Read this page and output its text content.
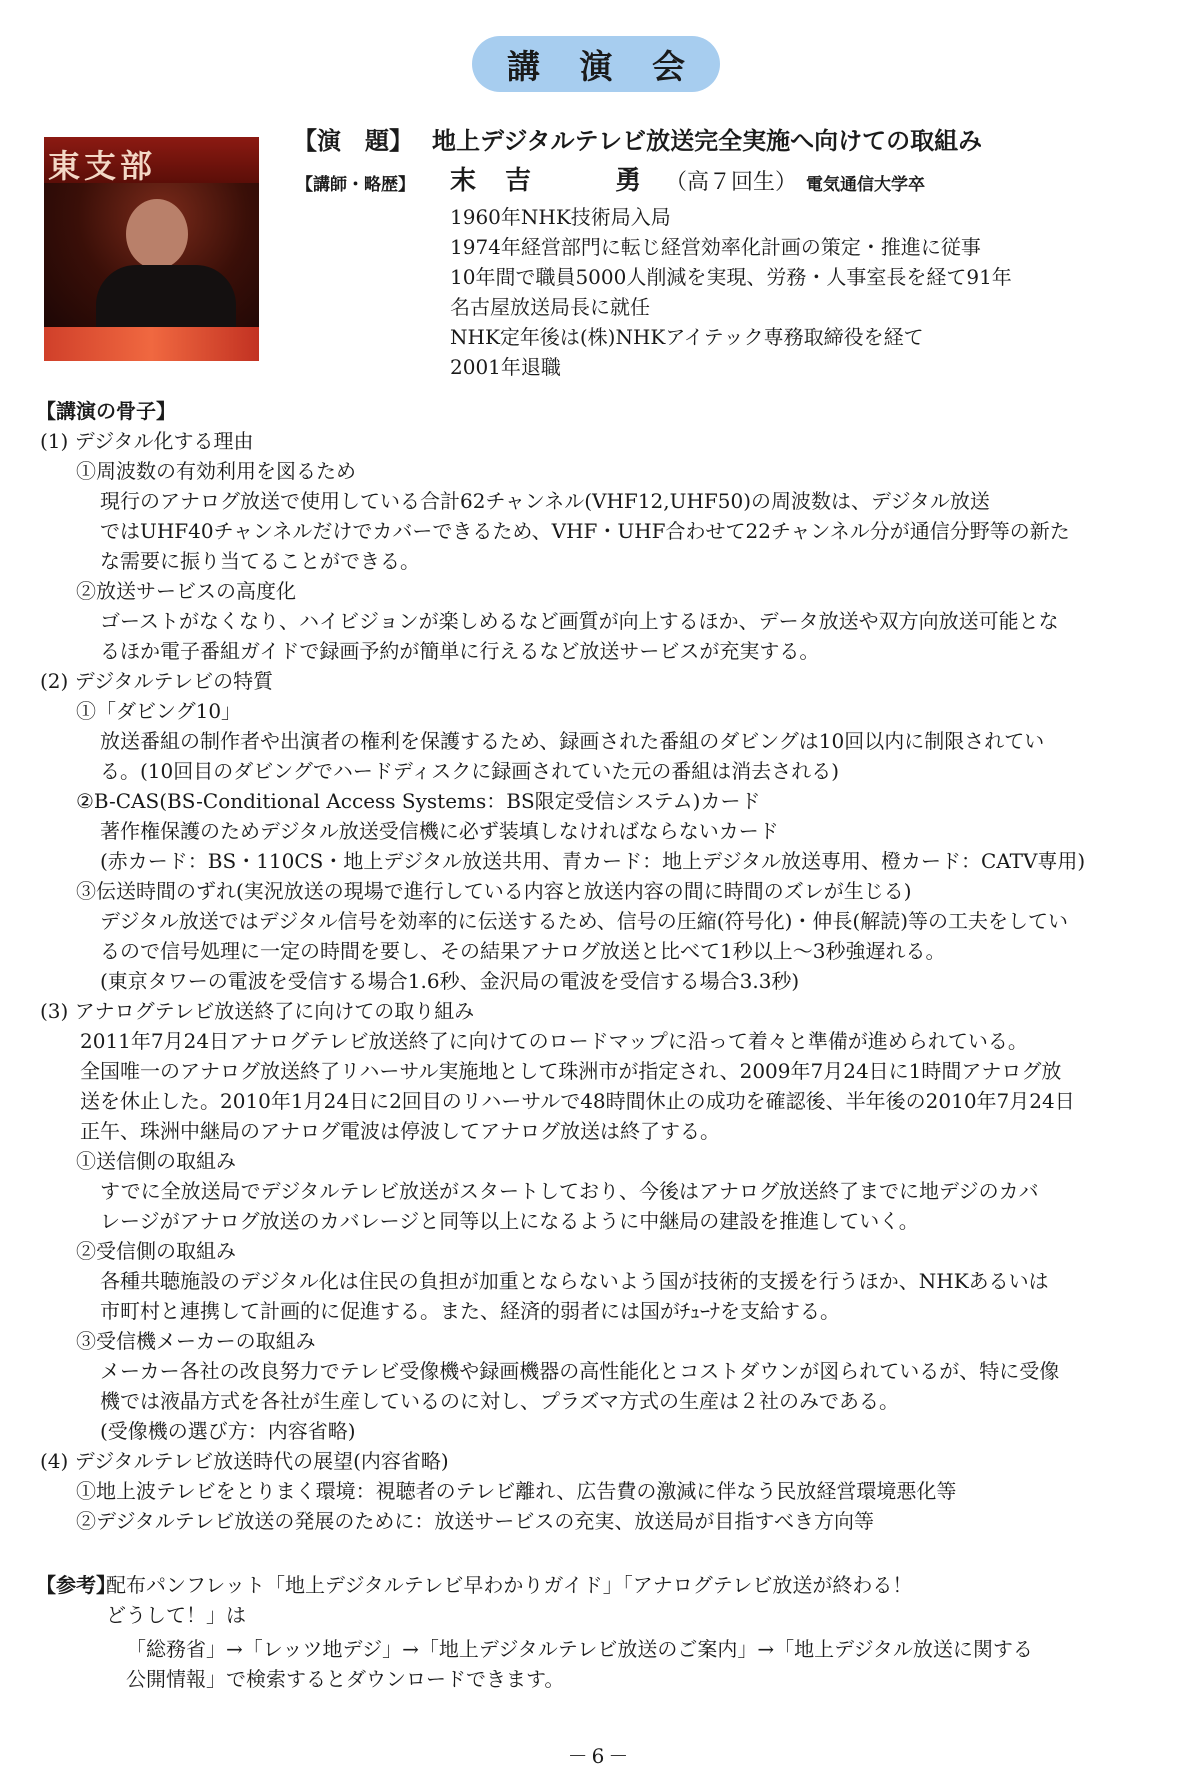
講 演 会
東支部
【演　題】 地上デジタルテレビ放送完全実施へ向けての取組み
【講師・略歴】 末 吉 　 勇 （高７回生） 電気通信大学卒
1960年NHK技術局入局
1974年経営部門に転じ経営効率化計画の策定・推進に従事
10年間で職員5000人削減を実現、労務・人事室長を経て91年
名古屋放送局長に就任
NHK定年後は(株)NHKアイテック専務取締役を経て
2001年退職
【講演の骨子】
(1) デジタル化する理由
①周波数の有効利用を図るため
現行のアナログ放送で使用している合計62チャンネル(VHF12,UHF50)の周波数は、デジタル放送
ではUHF40チャンネルだけでカバーできるため、VHF・UHF合わせて22チャンネル分が通信分野等の新た
な需要に振り当てることができる。
②放送サービスの高度化
ゴーストがなくなり、ハイビジョンが楽しめるなど画質が向上するほか、データ放送や双方向放送可能とな
るほか電子番組ガイドで録画予約が簡単に行えるなど放送サービスが充実する。
(2) デジタルテレビの特質
①「ダビング10」
放送番組の制作者や出演者の権利を保護するため、録画された番組のダビングは10回以内に制限されてい
る。(10回目のダビングでハードディスクに録画されていた元の番組は消去される)
②B-CAS(BS-Conditional Access Systems：BS限定受信システム)カード
著作権保護のためデジタル放送受信機に必ず装填しなければならないカード
(赤カード：BS・110CS・地上デジタル放送共用、青カード：地上デジタル放送専用、橙カード：CATV専用)
③伝送時間のずれ(実況放送の現場で進行している内容と放送内容の間に時間のズレが生じる)
デジタル放送ではデジタル信号を効率的に伝送するため、信号の圧縮(符号化)・伸長(解読)等の工夫をしてい
るので信号処理に一定の時間を要し、その結果アナログ放送と比べて1秒以上～3秒強遅れる。
(東京タワーの電波を受信する場合1.6秒、金沢局の電波を受信する場合3.3秒)
(3) アナログテレビ放送終了に向けての取り組み
2011年7月24日アナログテレビ放送終了に向けてのロードマップに沿って着々と準備が進められている。
全国唯一のアナログ放送終了リハーサル実施地として珠洲市が指定され、2009年7月24日に1時間アナログ放
送を休止した。2010年1月24日に2回目のリハーサルで48時間休止の成功を確認後、半年後の2010年7月24日
正午、珠洲中継局のアナログ電波は停波してアナログ放送は終了する。
①送信側の取組み
すでに全放送局でデジタルテレビ放送がスタートしており、今後はアナログ放送終了までに地デジのカバ
レージがアナログ放送のカバレージと同等以上になるように中継局の建設を推進していく。
②受信側の取組み
各種共聴施設のデジタル化は住民の負担が加重とならないよう国が技術的支援を行うほか、NHKあるいは
市町村と連携して計画的に促進する。また、経済的弱者には国がﾁｭｰﾅを支給する。
③受信機メーカーの取組み
メーカー各社の改良努力でテレビ受像機や録画機器の高性能化とコストダウンが図られているが、特に受像
機では液晶方式を各社が生産しているのに対し、プラズマ方式の生産は２社のみである。
(受像機の選び方：内容省略)
(4) デジタルテレビ放送時代の展望(内容省略)
①地上波テレビをとりまく環境：視聴者のテレビ離れ、広告費の激減に伴なう民放経営環境悪化等
②デジタルテレビ放送の発展のために：放送サービスの充実、放送局が目指すべき方向等
【参考】
配布パンフレット「地上デジタルテレビ早わかりガイド」「アナログテレビ放送が終わる！
どうして！」は
「総務省」→「レッツ地デジ」→「地上デジタルテレビ放送のご案内」→「地上デジタル放送に関する
公開情報」で検索するとダウンロードできます。
－6－
